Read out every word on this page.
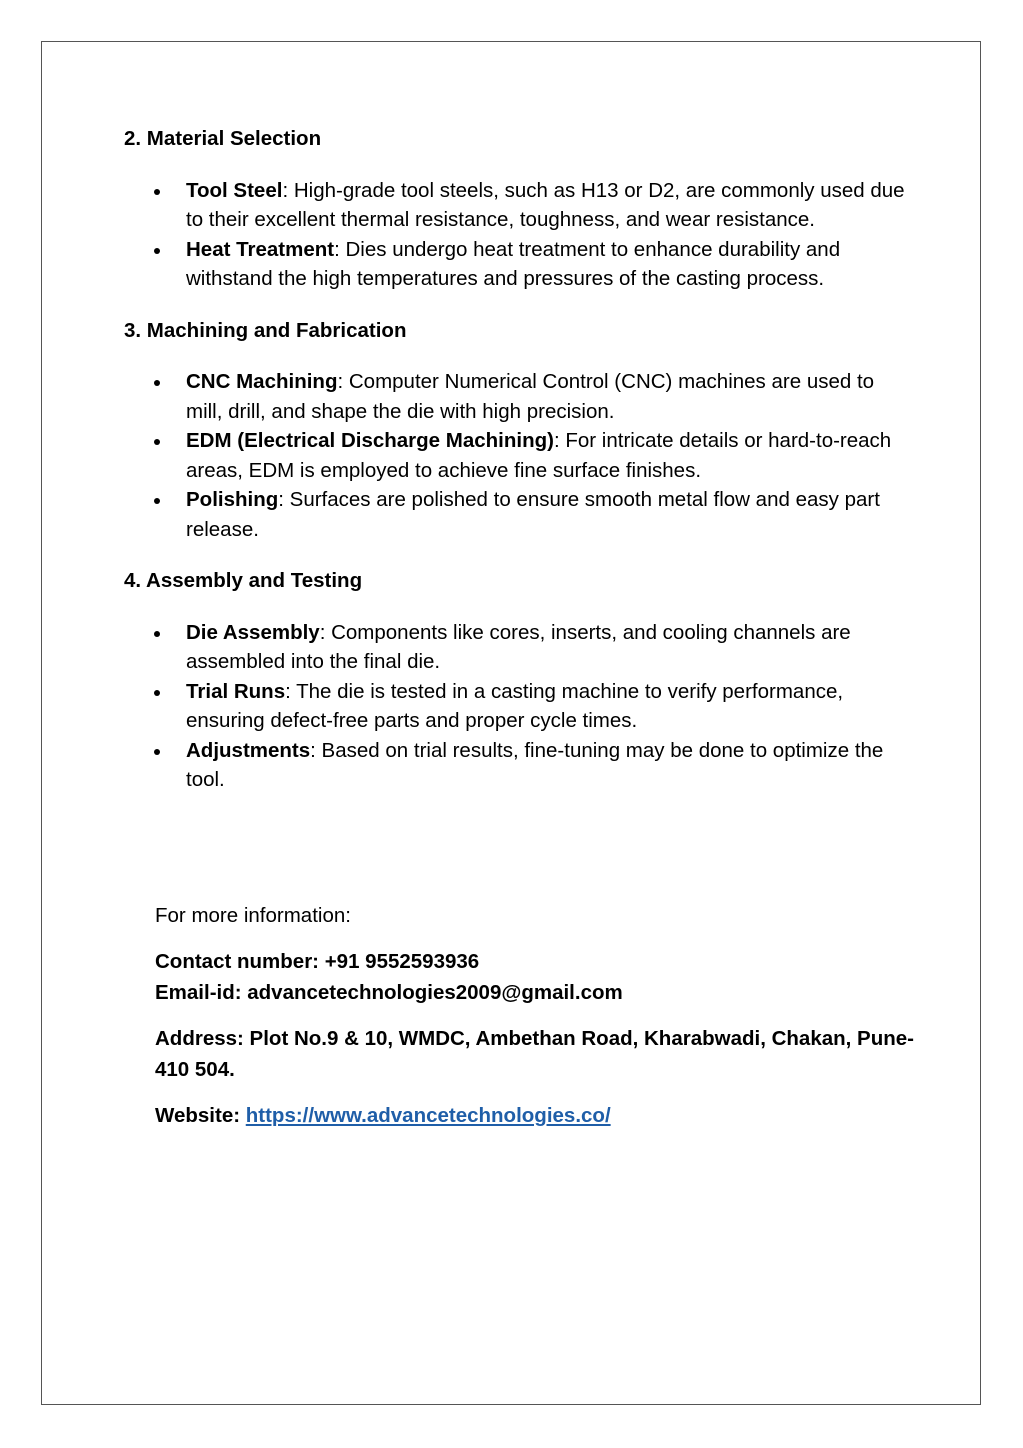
2. Material Selection

Tool Steel: High-grade tool steels, such as H13 or D2, are commonly used due to their excellent thermal resistance, toughness, and wear resistance.
Heat Treatment: Dies undergo heat treatment to enhance durability and withstand the high temperatures and pressures of the casting process.

3. Machining and Fabrication

CNC Machining: Computer Numerical Control (CNC) machines are used to mill, drill, and shape the die with high precision.
EDM (Electrical Discharge Machining): For intricate details or hard-to-reach areas, EDM is employed to achieve fine surface finishes.
Polishing: Surfaces are polished to ensure smooth metal flow and easy part release.

4. Assembly and Testing

Die Assembly: Components like cores, inserts, and cooling channels are assembled into the final die.
Trial Runs: The die is tested in a casting machine to verify performance, ensuring defect-free parts and proper cycle times.
Adjustments: Based on trial results, fine-tuning may be done to optimize the tool.

For more information:

Contact number: +91 9552593936

Email-id: advancetechnologies2009@gmail.com

Address: Plot No.9 & 10, WMDC, Ambethan Road, Kharabwadi, Chakan, Pune-410 504.

Website: https://www.advancetechnologies.co/
